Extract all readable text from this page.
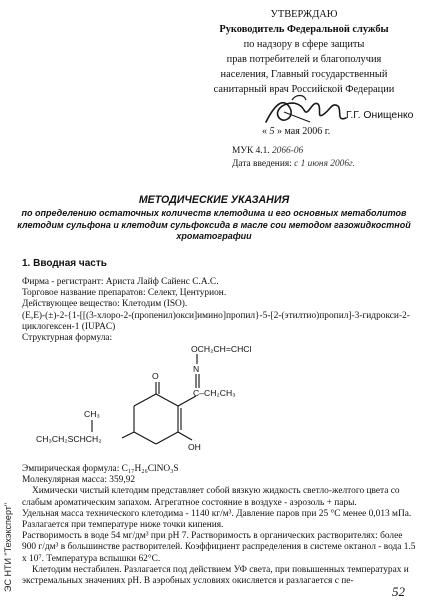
УТВЕРЖДАЮ
Руководитель Федеральной службы
по надзору в сфере защиты
прав потребителей и благополучия
населения, Главный государственный
санитарный врач Российской Федерации
Г.Г. Онищенко
« 5 » мая 2006 г.
МУК 4.1. 2066-06
Дата введения: с 1 июня 2006г.
МЕТОДИЧЕСКИЕ УКАЗАНИЯ
по определению остаточных количеств клетодима и его основных метаболитов клетодим сульфона и клетодим сульфоксида в масле сои методом газожидкостной хроматографии
1. Вводная часть

Фирма - регистрант: Ариста Лайф Сайенс С.А.С.

Торговое название препаратов: Селект, Центурион.

Действующее вещество: Клетодим (ISO).

(E,E)-(±)-2-{1-[[(3-хлоро-2-(пропенил)окси]имино]пропил}-5-[2-(этилтио)пропил]-3-гидрокси-2-циклогексен-1 (IUPAC)

Структурная формула:

O
OCH₂CH=CHCl
N
C–CH₂CH₃
OH
CH₃CH₂SCHCH₂
CH₃

Эмпирическая формула: C₁₇H₂₆ClNO₃S

Молекулярная масса: 359,92

Химически чистый клетодим представляет собой вязкую жидкость светло-желтого цвета со слабым ароматическим запахом. Агрегатное состояние в воздухе - аэрозоль + пары.

Удельная масса технического клетодима - 1140 кг/м³. Давление паров при 25 °С менее 0,013 мПа. Разлагается при температуре ниже точки кипения.

Растворимость в воде 54 мг/дм³ при pH 7. Растворимость в органических растворителях: более 900 г/дм³ в большинстве растворителей. Коэффициент распределения в системе октанол - вода 1.5 х 10⁷. Температура вспышки 62°С.

Клетодим нестабилен. Разлагается под действием УФ света, при повышенных температурах и экстремальных значениях pH. В аэробных условиях окисляется и разлагается с пе-

ЭС НТИ "Техэксперт"	52
